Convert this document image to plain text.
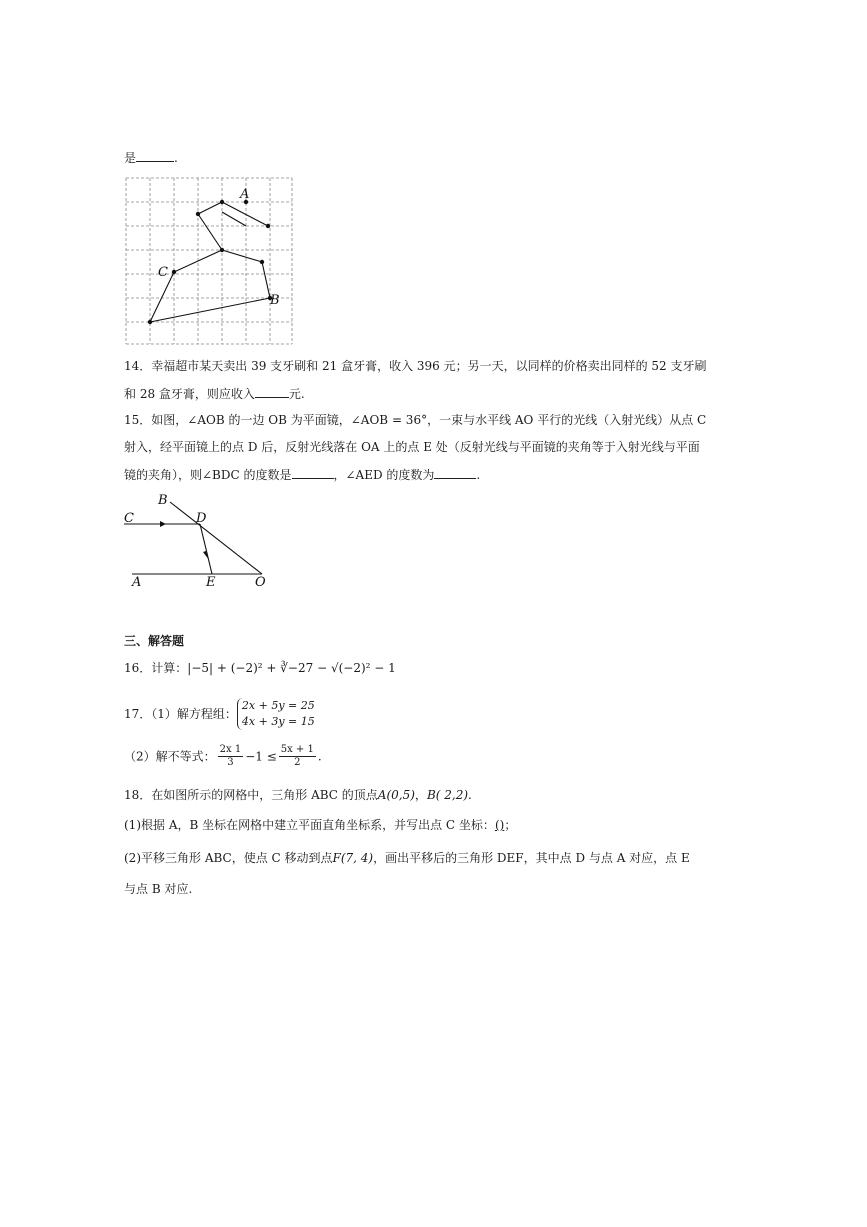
是	.
A
B
C
14．幸福超市某天卖出 39 支牙刷和 21 盒牙膏，收入 396 元；另一天，以同样的价格卖出同样的 52 支牙刷
和 28 盒牙膏，则应收入	元.
15．如图，∠AOB 的一边 OB 为平面镜，∠AOB = 36°，一束与水平线 AO 平行的光线（入射光线）从点 C
射入，经平面镜上的点 D 后，反射光线落在 OA 上的点 E 处（反射光线与平面镜的夹角等于入射光线与平面
镜的夹角），则∠BDC 的度数是	，∠AED 的度数为	.
B
C	D
A	E	O
三、解答题
16．计算：|−5| + (−2)² + ∛−27 − √(−2)² − 1
17．（1）解方程组：
2x + 5y = 25
4x + 3y = 15
（2）解不等式： $\frac{2x 1}{3} -1 \le \frac{5x + 1}{2}$ .
18．在如图所示的网格中，三角形 ABC 的顶点A(0,5)，B( 2,2).
(1)根据 A，B 坐标在网格中建立平面直角坐标系，并写出点 C 坐标：()；
(2)平移三角形 ABC，使点 C 移动到点F(7, 4)，画出平移后的三角形 DEF，其中点 D 与点 A 对应，点 E
与点 B 对应.
